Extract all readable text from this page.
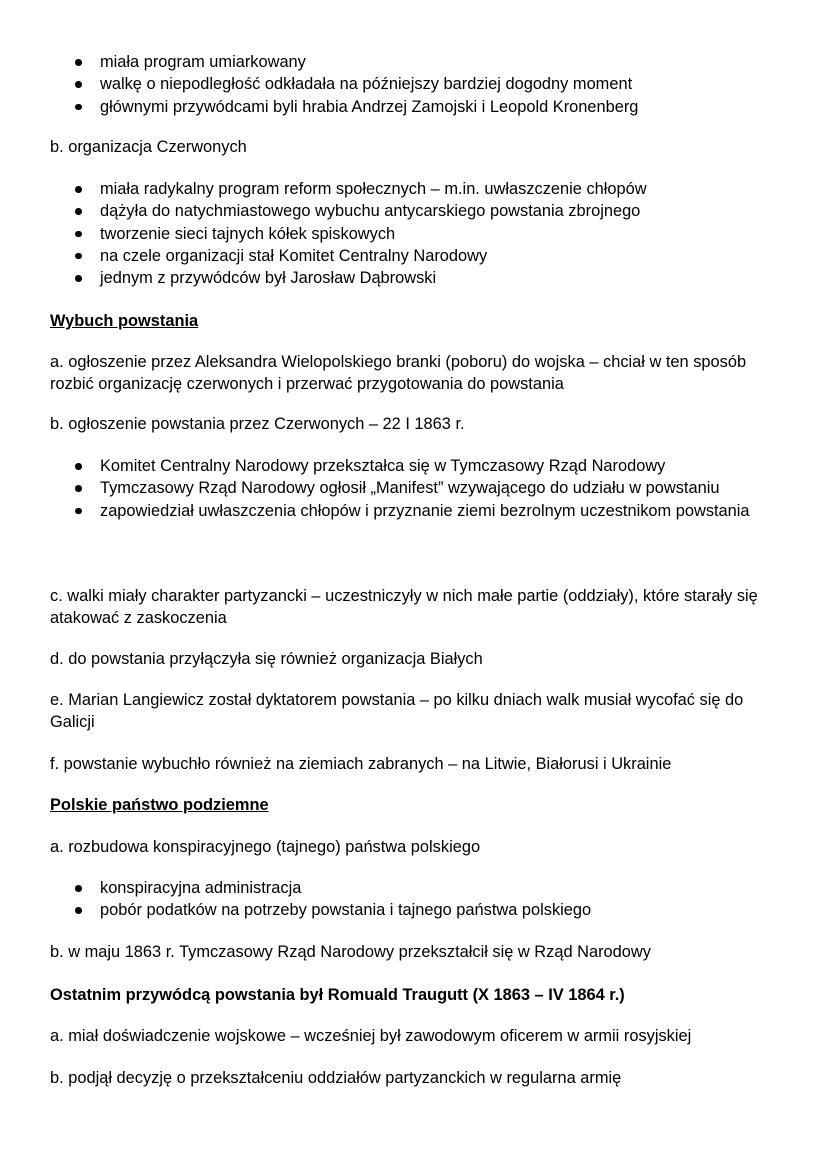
miała program umiarkowany
walkę o niepodległość odkładała na późniejszy bardziej dogodny moment
głównymi przywódcami byli hrabia Andrzej Zamojski i Leopold Kronenberg

b. organizacja Czerwonych

miała radykalny program reform społecznych – m.in. uwłaszczenie chłopów
dążyła do natychmiastowego wybuchu antycarskiego powstania zbrojnego
tworzenie sieci tajnych kółek spiskowych
na czele organizacji stał Komitet Centralny Narodowy
jednym z przywódców był Jarosław Dąbrowski

Wybuch powstania

a. ogłoszenie przez Aleksandra Wielopolskiego branki (poboru) do wojska – chciał w ten sposób rozbić organizację czerwonych i przerwać przygotowania do powstania

b. ogłoszenie powstania przez Czerwonych – 22 I 1863 r.

Komitet Centralny Narodowy przekształca się w Tymczasowy Rząd Narodowy
Tymczasowy Rząd Narodowy ogłosił „Manifest” wzywającego do udziału w powstaniu
zapowiedział uwłaszczenia chłopów i przyznanie ziemi bezrolnym uczestnikom powstania

c. walki miały charakter partyzancki – uczestniczyły w nich małe partie (oddziały), które starały się atakować z zaskoczenia

d. do powstania przyłączyła się również organizacja Białych

e. Marian Langiewicz został dyktatorem powstania – po kilku dniach walk musiał wycofać się do Galicji

f. powstanie wybuchło również na ziemiach zabranych – na Litwie, Białorusi i Ukrainie

Polskie państwo podziemne

a. rozbudowa konspiracyjnego (tajnego) państwa polskiego

konspiracyjna administracja
pobór podatków na potrzeby powstania i tajnego państwa polskiego

b. w maju 1863 r. Tymczasowy Rząd Narodowy przekształcił się w Rząd Narodowy

Ostatnim przywódcą powstania był Romuald Traugutt (X 1863 – IV 1864 r.)

a. miał doświadczenie wojskowe – wcześniej był zawodowym oficerem w armii rosyjskiej

b. podjął decyzję o przekształceniu oddziałów partyzanckich w regularna armię
